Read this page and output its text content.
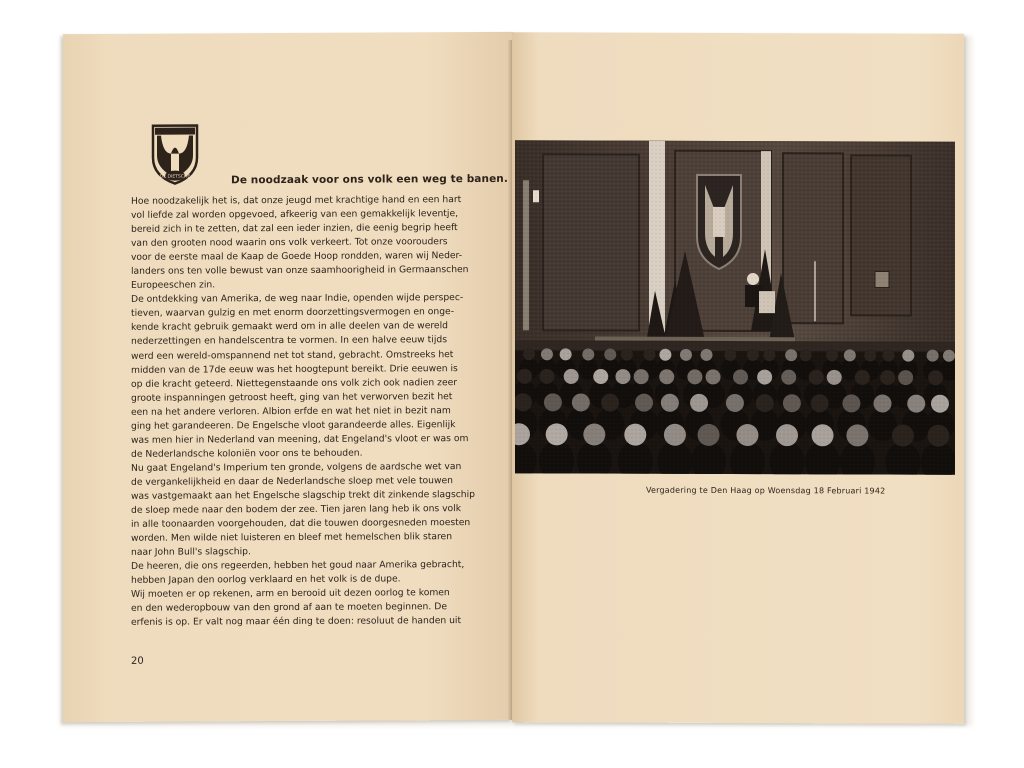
DE DIETSCHE	De noodzaak voor ons volk een weg te banen.
Hoe noodzakelijk het is, dat onze jeugd met krachtige hand en een hart
vol liefde zal worden opgevoed, afkeerig van een gemakkelijk leventje,
bereid zich in te zetten, dat zal een ieder inzien, die eenig begrip heeft
van den grooten nood waarin ons volk verkeert. Tot onze voorouders
voor de eerste maal de Kaap de Goede Hoop rondden, waren wij Neder-
landers ons ten volle bewust van onze saamhoorigheid in Germaanschen
Europeeschen zin.
De ontdekking van Amerika, de weg naar Indie, openden wijde perspec-
tieven, waarvan gulzig en met enorm doorzettingsvermogen en onge-
kende kracht gebruik gemaakt werd om in alle deelen van de wereld
nederzettingen en handelscentra te vormen. In een halve eeuw tijds
werd een wereld-omspannend net tot stand, gebracht. Omstreeks het
midden van de 17de eeuw was het hoogtepunt bereikt. Drie eeuwen is
op die kracht geteerd. Niettegenstaande ons volk zich ook nadien zeer
groote inspanningen getroost heeft, ging van het verworven bezit het
een na het andere verloren. Albion erfde en wat het niet in bezit nam
ging het garandeeren. De Engelsche vloot garandeerde alles. Eigenlijk
was men hier in Nederland van meening, dat Engeland's vloot er was om
de Nederlandsche koloniën voor ons te behouden.
Nu gaat Engeland's Imperium ten gronde, volgens de aardsche wet van
de vergankelijkheid en daar de Nederlandsche sloep met vele touwen
was vastgemaakt aan het Engelsche slagschip trekt dit zinkende slagschip
de sloep mede naar den bodem der zee. Tien jaren lang heb ik ons volk
in alle toonaarden voorgehouden, dat die touwen doorgesneden moesten
worden. Men wilde niet luisteren en bleef met hemelschen blik staren
naar John Bull's slagschip.
De heeren, die ons regeerden, hebben het goud naar Amerika gebracht,
hebben Japan den oorlog verklaard en het volk is de dupe.
Wij moeten er op rekenen, arm en berooid uit dezen oorlog te komen
en den wederopbouw van den grond af aan te moeten beginnen. De
erfenis is op. Er valt nog maar één ding te doen: resoluut de handen uit
20
Vergadering te Den Haag op Woensdag 18 Februari 1942
